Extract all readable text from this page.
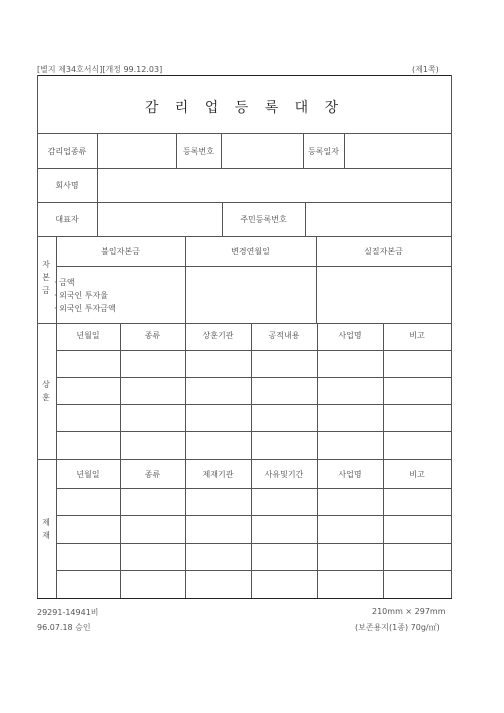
[별지 제34호서식][개정 99.12.03]	(제1쪽)
감 리 업 등 록 대 장
감리업종류	등록번호	등록일자
회사명
대표자	주민등록번호
자
본
금
불입자본금	변경연월일	실질자본금
· 금액
· 외국인 투자율
· 외국인 투자금액
상
훈
년월일	종류	상훈기관	공적내용	사업명	비고
제
재
년월일	종류	제재기관	사유및기간	사업명	비고
29291-14941비
96.07.18 승인
210mm × 297mm
(보존용지(1종) 70g/㎡)
